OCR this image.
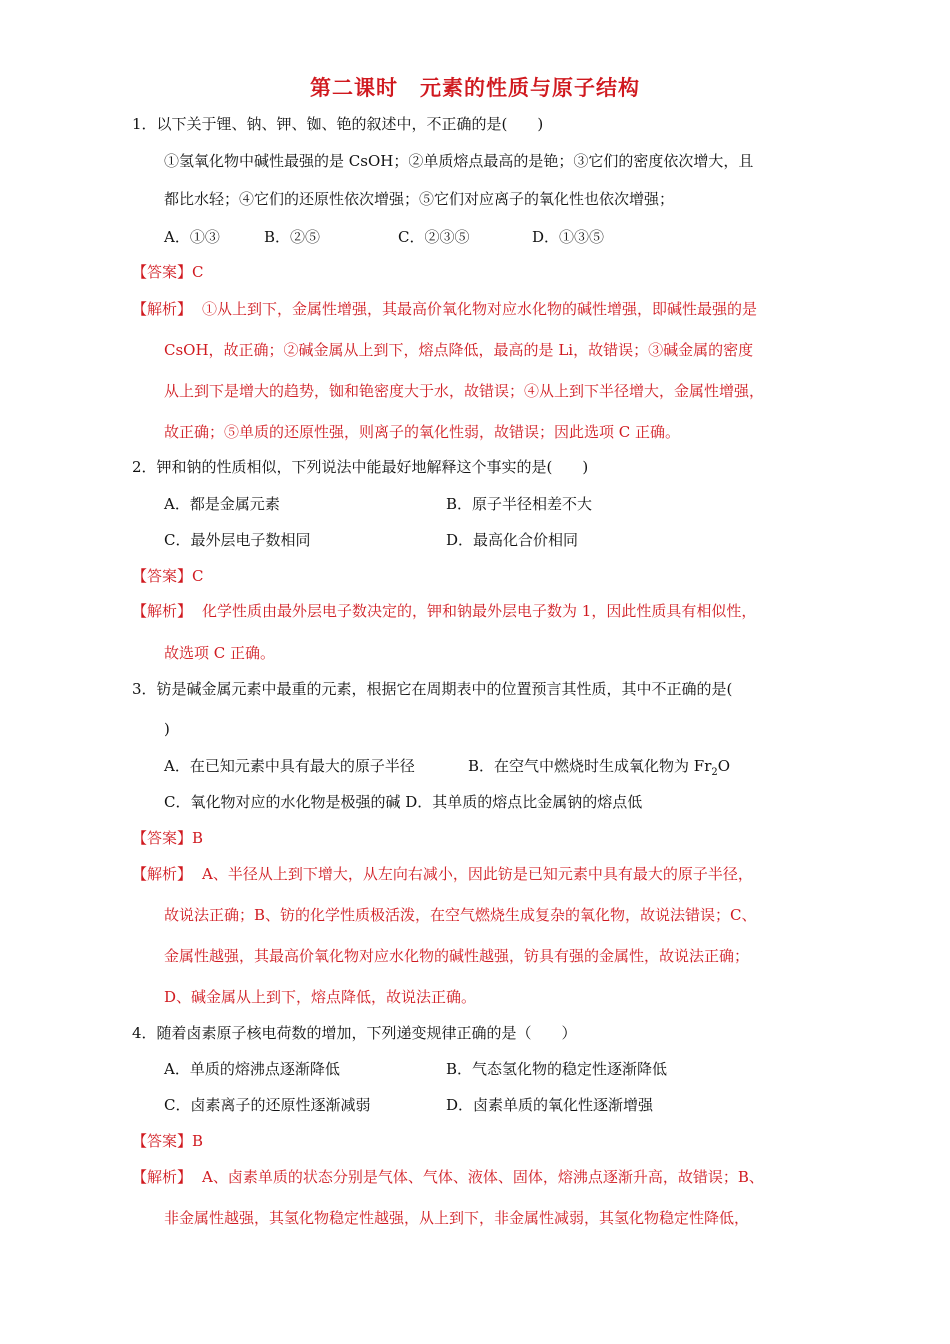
第二课时　元素的性质与原子结构
1．以下关于锂、钠、钾、铷、铯的叙述中，不正确的是(　　)
①氢氧化物中碱性最强的是 CsOH；②单质熔点最高的是铯；③它们的密度依次增大，且
都比水轻；④它们的还原性依次增强；⑤它们对应离子的氧化性也依次增强；
A．①③	B．②⑤	C．②③⑤	D．①③⑤
【答案】C
【解析】 ①从上到下，金属性增强，其最高价氧化物对应水化物的碱性增强，即碱性最强的是
CsOH，故正确；②碱金属从上到下，熔点降低，最高的是 Li，故错误；③碱金属的密度
从上到下是增大的趋势，铷和铯密度大于水，故错误；④从上到下半径增大，金属性增强，
故正确；⑤单质的还原性强，则离子的氧化性弱，故错误；因此选项 C 正确。
2．钾和钠的性质相似，下列说法中能最好地解释这个事实的是(　　)
A．都是金属元素	B．原子半径相差不大
C．最外层电子数相同	D．最高化合价相同
【答案】C
【解析】 化学性质由最外层电子数决定的，钾和钠最外层电子数为 1，因此性质具有相似性，
故选项 C 正确。
3．钫是碱金属元素中最重的元素，根据它在周期表中的位置预言其性质，其中不正确的是(
)
A．在已知元素中具有最大的原子半径	B．在空气中燃烧时生成氧化物为 $Fr_2O$
C．氧化物对应的水化物是极强的碱 D．其单质的熔点比金属钠的熔点低
【答案】B
【解析】 A、半径从上到下增大，从左向右减小，因此钫是已知元素中具有最大的原子半径，
故说法正确；B、钫的化学性质极活泼，在空气燃烧生成复杂的氧化物，故说法错误；C、
金属性越强，其最高价氧化物对应水化物的碱性越强，钫具有强的金属性，故说法正确；
D、碱金属从上到下，熔点降低，故说法正确。
4．随着卤素原子核电荷数的增加，下列递变规律正确的是（　　）
A．单质的熔沸点逐渐降低	B．气态氢化物的稳定性逐渐降低
C．卤素离子的还原性逐渐减弱	D．卤素单质的氧化性逐渐增强
【答案】B
【解析】 A、卤素单质的状态分别是气体、气体、液体、固体，熔沸点逐渐升高，故错误；B、
非金属性越强，其氢化物稳定性越强，从上到下，非金属性减弱，其氢化物稳定性降低，
